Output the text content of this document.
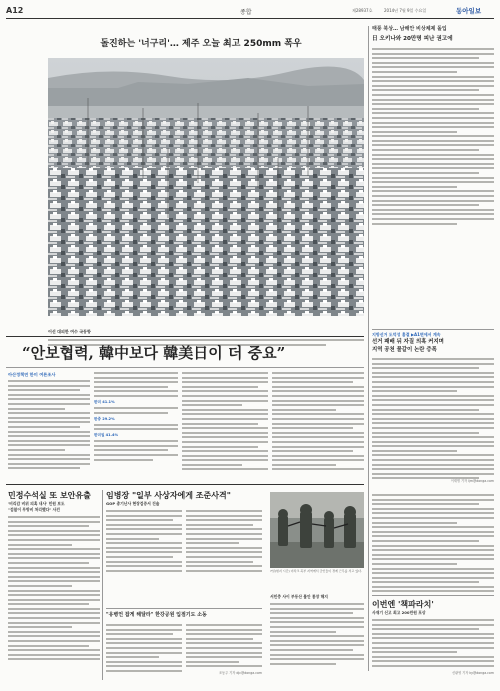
A12	종합	제28937호	2014년 7월 9일 수요일	동아일보
돌진하는 '너구리'… 제주 오늘 최고 250mm 폭우
어선 대피한 여수 국동항
태풍 북상… 남해안 비상체제 돌입
日 오키나와 20만명 피난 권고에
지방선거 도덕성 흠결 ▶A1면에서 계속
선거 패배 뒤 자질 의혹 커지며
지역 공천 물갈이 논란 증폭
“안보협력, 韓中보다 韓美日이 더 중요”
아산정책연 한미 여론조사
한미 41.1%
한중 29.2%
한미일 41.4%
민정수석실 또 보안유출
'비리감 비위 의혹 내사' 민원 보도
"검찰이 무방비 처리했다" 사건
임병장 "일부 사상자에게 조준사격"
GOP 총기난사 현장검증서 진술
"유병언 잡게 해달라" 한강공원 입점기도 소동
조동주 기자 djc@donga.com
7일(현지 시간) 이라크 북부 지역에서 군인들이 경계 근무를 서고 있다.
서민층 사이 부동산 불안 통장 해지
이번엔 '책파라치'
사재기 신고 최고 200만원 포상
신광영 기자 ky@donga.com
이재명 기자 ljm@donga.com
